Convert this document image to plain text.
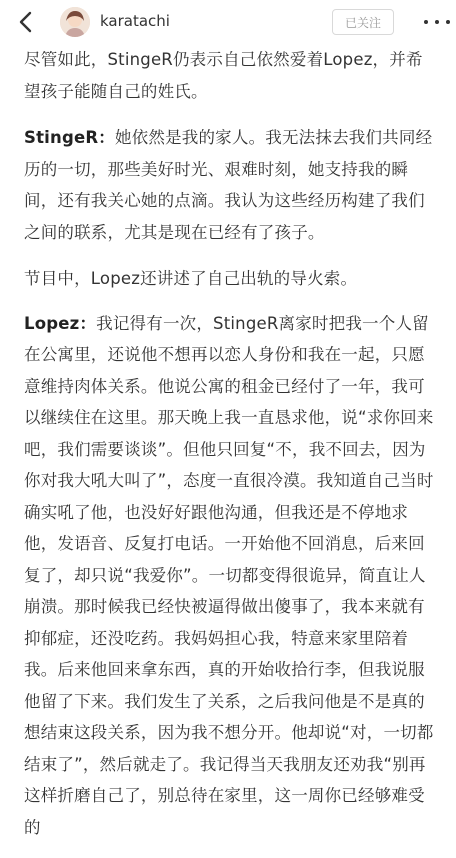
karatachi	已关注

尽管如此，StingeR仍表示自己依然爱着Lopez，并希望孩子能随自己的姓氏。

StingeR：她依然是我的家人。我无法抹去我们共同经历的一切，那些美好时光、艰难时刻，她支持我的瞬间，还有我关心她的点滴。我认为这些经历构建了我们之间的联系，尤其是现在已经有了孩子。

节目中，Lopez还讲述了自己出轨的导火索。

Lopez：我记得有一次，StingeR离家时把我一个人留在公寓里，还说他不想再以恋人身份和我在一起，只愿意维持肉体关系。他说公寓的租金已经付了一年，我可以继续住在这里。那天晚上我一直恳求他，说“求你回来吧，我们需要谈谈”。但他只回复“不，我不回去，因为你对我大吼大叫了”，态度一直很冷漠。我知道自己当时确实吼了他，也没好好跟他沟通，但我还是不停地求他，发语音、反复打电话。一开始他不回消息，后来回复了，却只说“我爱你”。一切都变得很诡异，简直让人崩溃。那时候我已经快被逼得做出傻事了，我本来就有抑郁症，还没吃药。我妈妈担心我，特意来家里陪着我。后来他回来拿东西，真的开始收拾行李，但我说服他留了下来。我们发生了关系，之后我问他是不是真的想结束这段关系，因为我不想分开。他却说“对，一切都结束了”，然后就走了。我记得当天我朋友还劝我“别再这样折磨自己了，别总待在家里，这一周你已经够难受的
